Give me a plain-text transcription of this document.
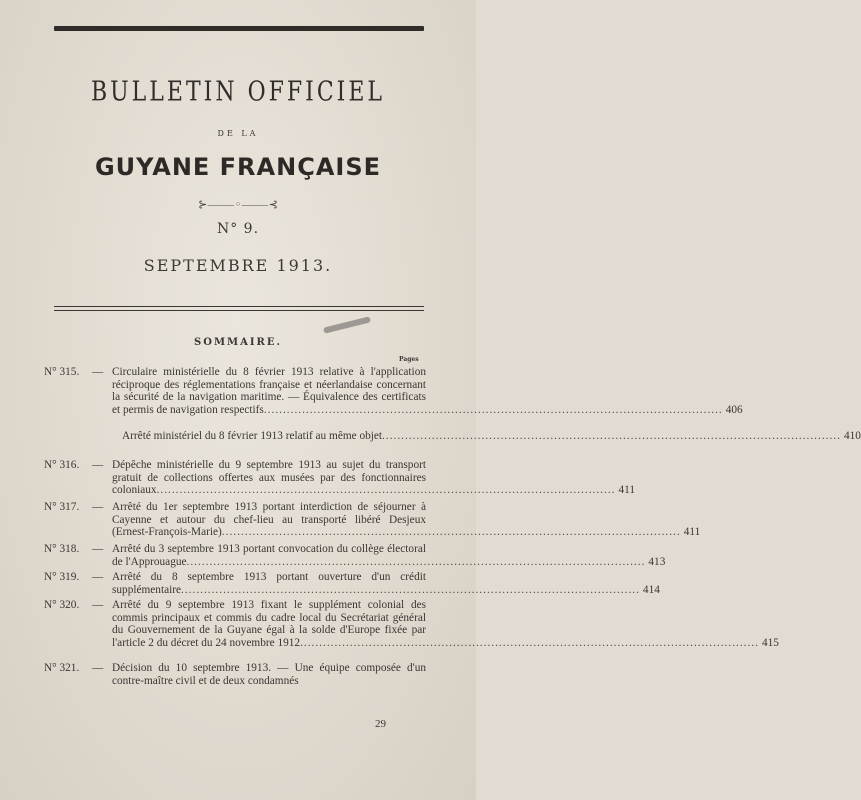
BULLETIN OFFICIEL
DE LA
GUYANE FRANÇAISE
⊱⸻◦⸻⊰
N° 9.
SEPTEMBRE 1913.
SOMMAIRE.
Pages
N° 315. — Circulaire ministérielle du 8 février 1913 relative à l'application réciproque des réglementations française et néerlandaise concernant la sécurité de la navigation maritime. — Équivalence des certificats
et permis de navigation respectifs ........................................................................................................................ 406
Arrêté ministériel du 8 février 1913 relatif au même objet ........................................................................................................................ 410
N° 316. — Dépêche ministérielle du 9 septembre 1913 au sujet du transport gratuit de collections offertes aux musées par des fonctionnaires
coloniaux ........................................................................................................................ 411
N° 317. — Arrêté du 1er septembre 1913 portant interdiction de séjourner à Cayenne et autour du chef-lieu au transporté libéré Desjeux
(Ernest-François-Marie) ........................................................................................................................ 411
N° 318. — Arrêté du 3 septembre 1913 portant convocation du collège électoral
de l'Approuague ........................................................................................................................ 413
N° 319. — Arrêté du 8 septembre 1913 portant ouverture d'un crédit
supplémentaire ........................................................................................................................ 414
N° 320. — Arrêté du 9 septembre 1913 fixant le supplément colonial des commis principaux et commis du cadre local du Secrétariat général du Gouvernement de la Guyane égal à la solde d'Europe fixée par
l'article 2 du décret du 24 novembre 1912 ........................................................................................................................ 415
N° 321. — Décision du 10 septembre 1913. — Une équipe composée d'un contre-maître civil et de deux condamnés
29
